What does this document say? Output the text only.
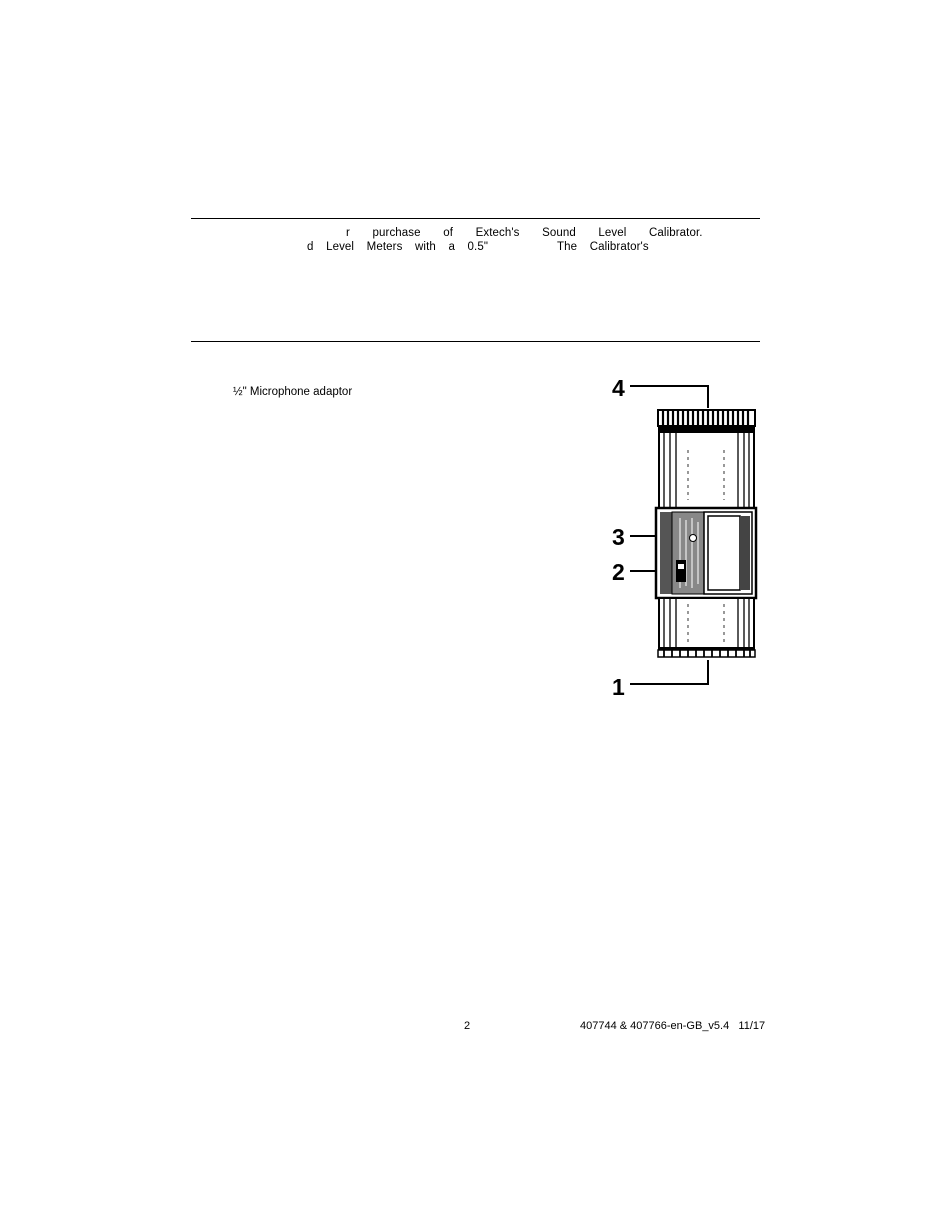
r  purchase  of  Extech's  Sound  Level  Calibrator.
d  Level  Meters  with  a  0.5"	The  Calibrator's
½" Microphone adaptor	4
3
2
1
2	407744 & 407766-en-GB_v5.4   11/17
